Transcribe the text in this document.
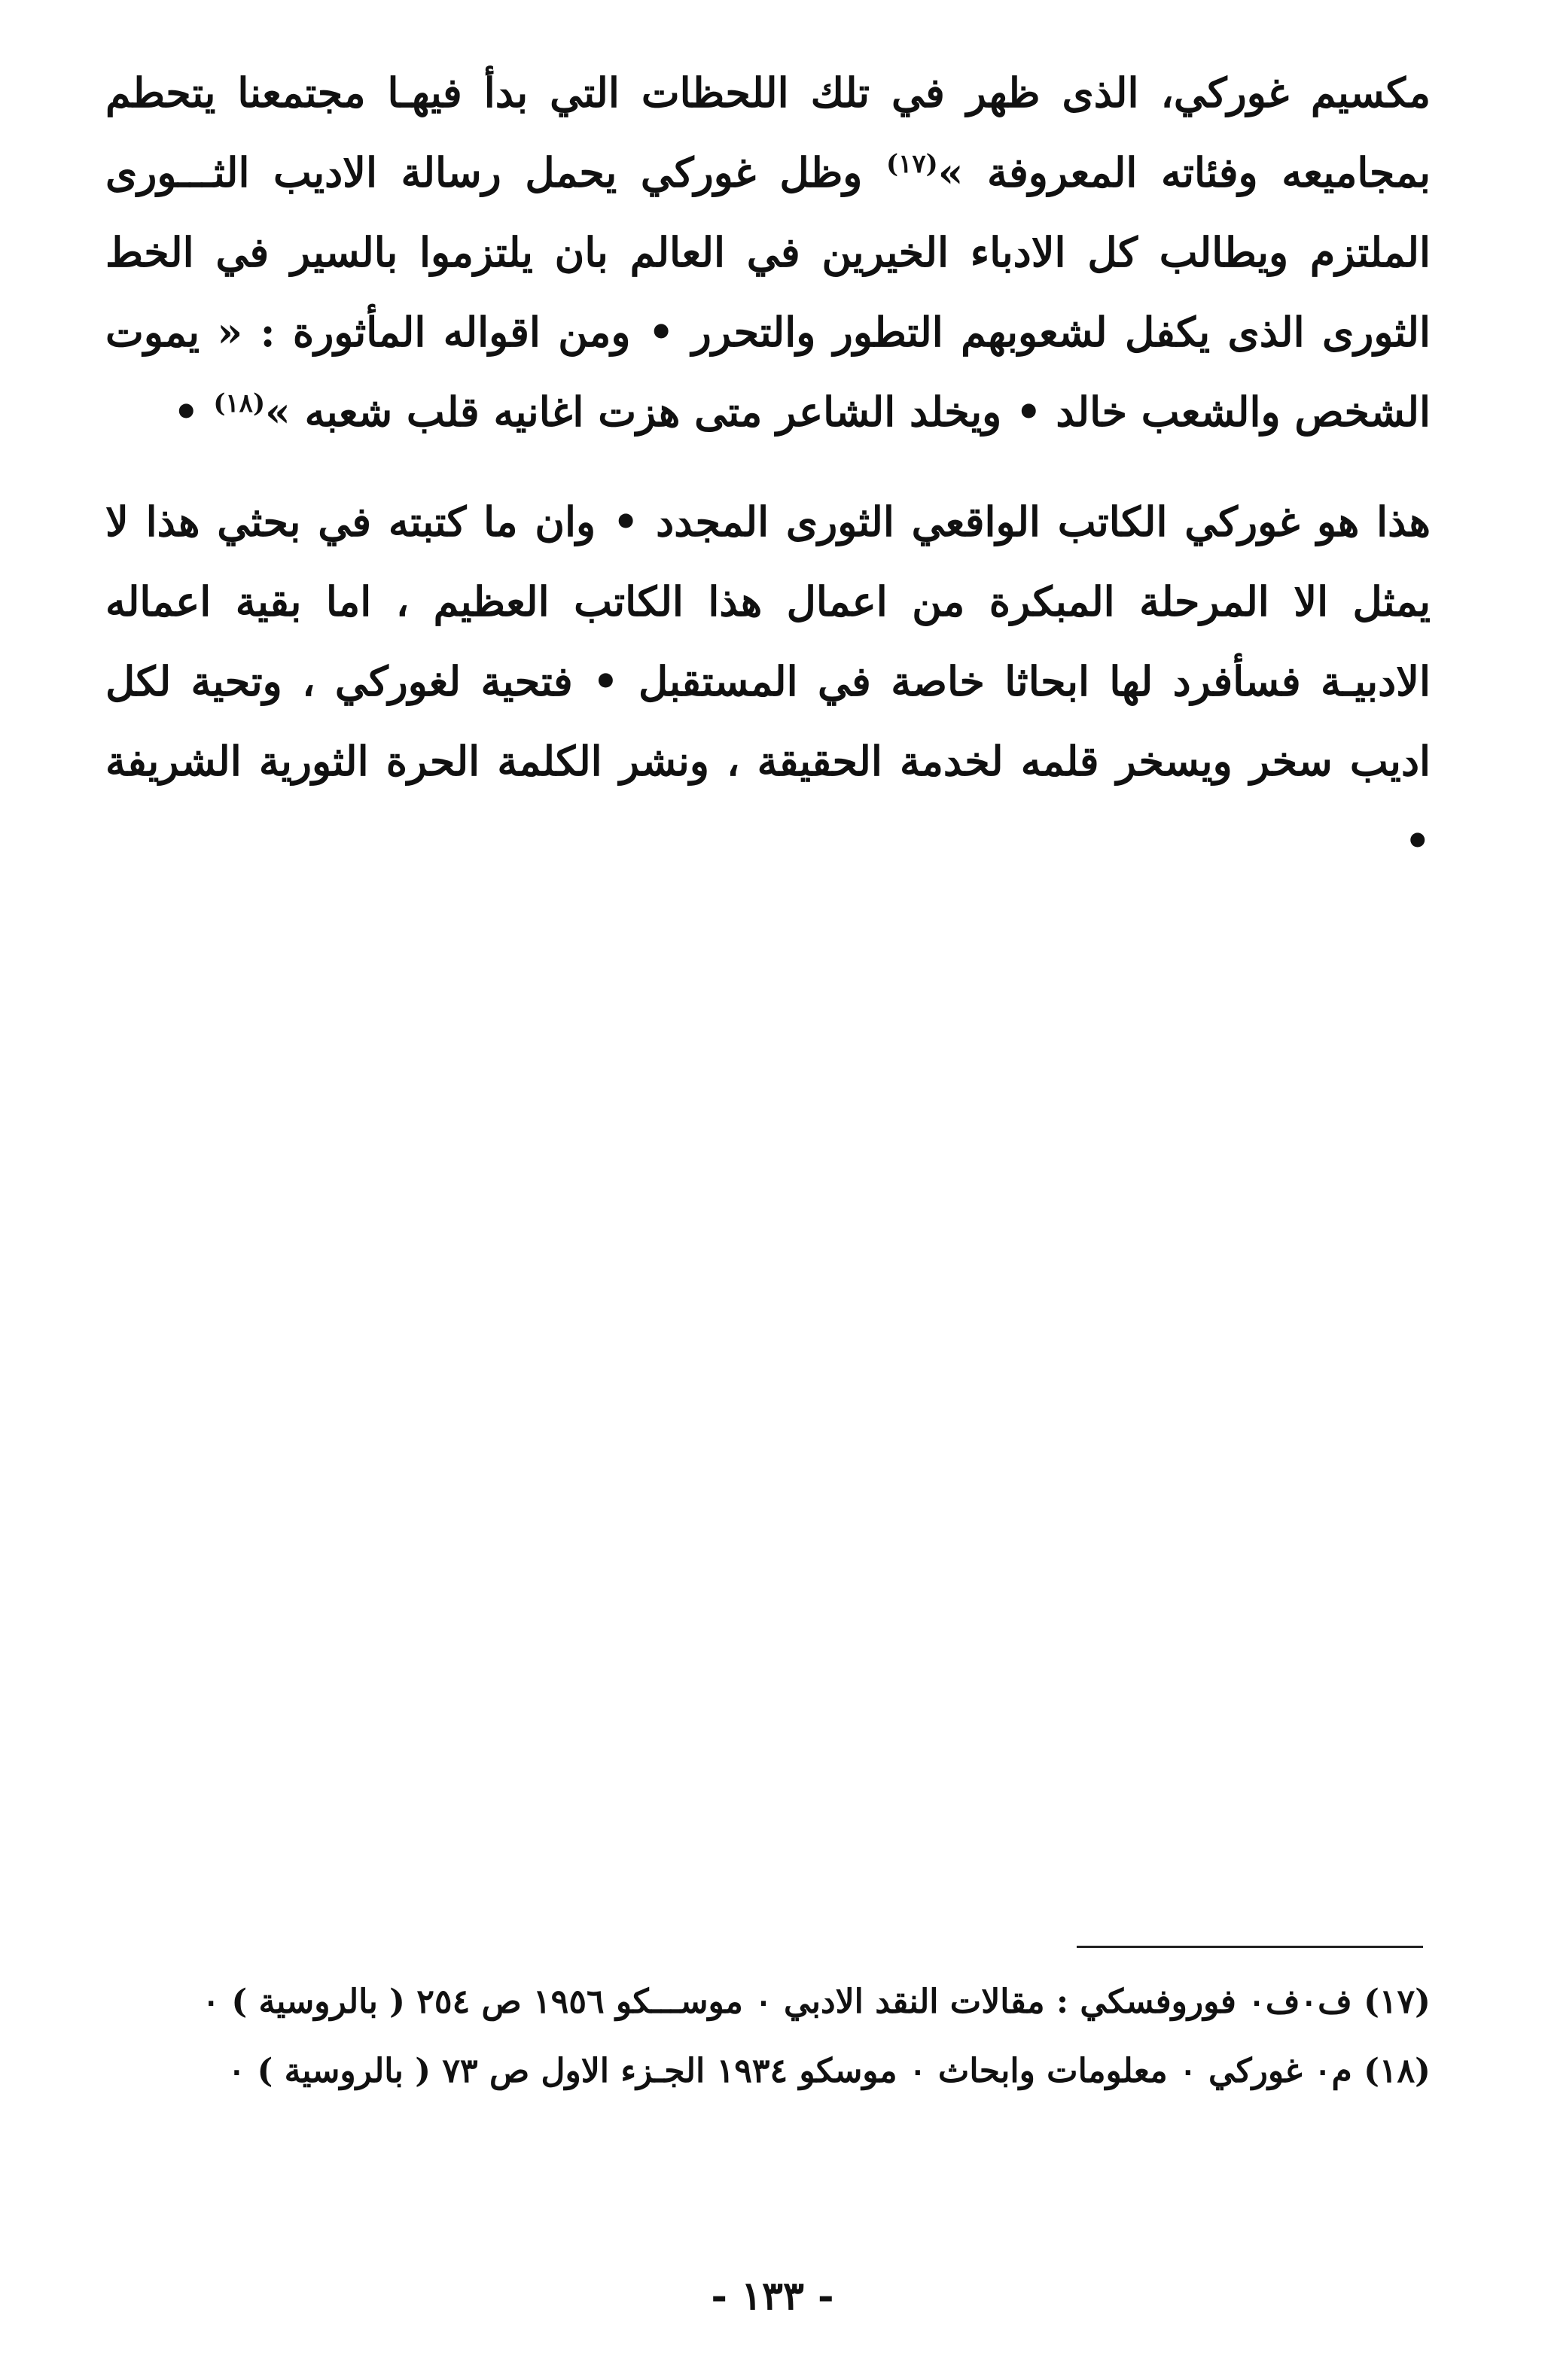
مكسيم غوركي، الذى ظهر في تلك اللحظات التي بدأ فيهـا مجتمعنا يتحطم بمجاميعه وفئاته المعروفة »$^{(١٧)}$ وظل غوركي يحمل رسالة الاديب الثـــورى الملتزم ويطالب كل الادباء الخيرين في العالم بان يلتزموا بالسير في الخط الثورى الذى يكفل لشعوبهم التطور والتحرر • ومن اقواله المأثورة : « يموت الشخص والشعب خالد • ويخلد الشاعر متى هزت اغانيه قلب شعبه »$^{(١٨)}$ •

هذا هو غوركي الكاتب الواقعي الثورى المجدد • وان ما كتبته في بحثي هذا لا يمثل الا المرحلة المبكرة من اعمال هذا الكاتب العظيم ، اما بقية اعماله الادبيـة فسأفرد لها ابحاثا خاصة في المستقبل • فتحية لغوركي ، وتحية لكل اديب سخر ويسخر قلمه لخدمة الحقيقة ، ونشر الكلمة الحرة الثورية الشريفة •

(١٧) ف٠ف٠ فوروفسكي : مقالات النقد الادبي ٠ موســـكو ١٩٥٦ ص ٢٥٤ ( بالروسية ) ٠
(١٨) م٠ غوركي ٠ معلومات وابحاث ٠ موسكو ١٩٣٤ الجـزء الاول ص ٧٣ ( بالروسية ) ٠
- ١٣٣ -
